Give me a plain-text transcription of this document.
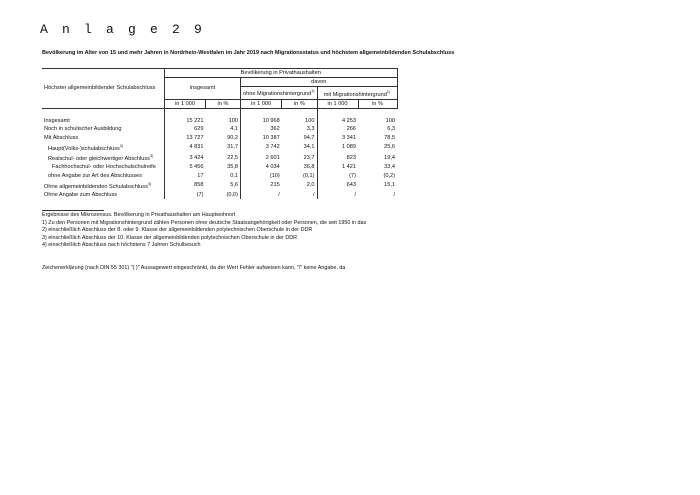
A n l a g e 2 9
Bevölkerung im Alter von 15 und mehr Jahren in Nordrhein-Westfalen im Jahr 2019 nach Migrationsstatus und höchstem allgemeinbildenden Schulabschluss
Höchster allgemeinbildender Schulabschluss	Bevölkerung in Privathaushalten					
	insgesamt		davon			
			ohne Migrationshintergrund$^{1)}$		mit Migrationshintergrund$^{1)}$
	in 1 000	in %	in 1 000	in %	in 1 000	in %

Insgesamt	15 221	100	10 968	100	4 253	100
Noch in schulischer Ausbildung	629	4,1	362	3,3	266	6,3
Mit Abschluss	13 727	90,2	10 387	94,7	3 341	78,5
Haupt(Volks-)schulabschluss$^{2)}$	4 831	31,7	3 742	34,1	1 089	25,6
Realschul- oder gleichwertiger Abschluss$^{3)}$	3 424	22,5	2 601	23,7	823	19,4
Fachhochschul- oder Hochschulschulreife	5 456	35,8	4 034	36,8	1 421	33,4
ohne Angabe zur Art des Abschlusses	17	0,1	(10)	(0,1)	(7)	(0,2)
Ohne allgemeinbildenden Schulabschluss$^{4)}$	858	5,6	215	2,0	643	15,1
Ohne Angabe zum Abschluss	(7)	(0,0)	/	/	/	/
Ergebnisse des Mikrozensus. Bevölkerung in Privathaushalten am Hauptwohnort
1) Zu den Personen mit Migrationshintergrund zählen Personen ohne deutsche Staatsangehörigkeit oder Personen, die seit 1950 in das
2) einschließlich Abschluss der 8. oder 9. Klasse der allgemeinbildenden polytechnischen Oberschule in der DDR
3) einschließlich Abschluss der 10. Klasse der allgemeinbildenden polytechnischen Oberschule in der DDR
4) einschließlich Abschluss nach höchstens 7 Jahren Schulbesuch
Zeichenerklärung (nach DIN 55 301) "( )" Aussagewert eingeschränkt, da der Wert Fehler aufweisen kann, "/" keine Angabe, da
